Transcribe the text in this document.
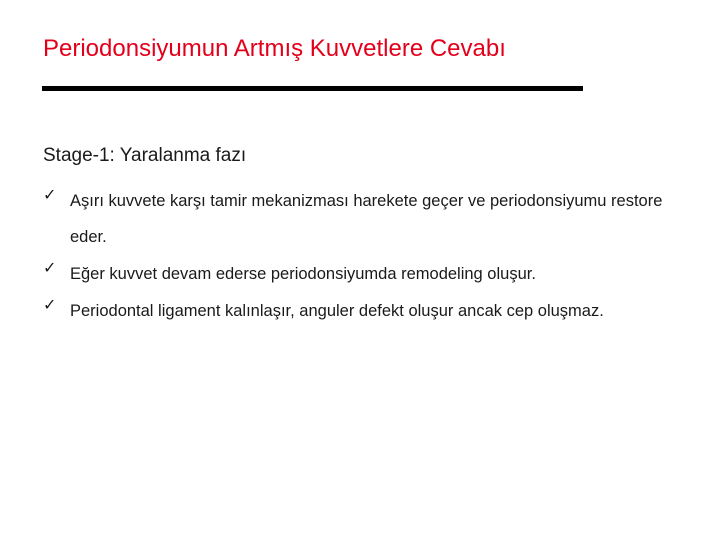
Periodonsiyumun Artmış Kuvvetlere Cevabı
Stage-1: Yaralanma fazı
✓ Aşırı kuvvete karşı tamir mekanizması harekete geçer ve periodonsiyumu restore eder.
✓ Eğer kuvvet devam ederse periodonsiyumda remodeling oluşur.
✓ Periodontal ligament kalınlaşır, anguler defekt oluşur ancak cep oluşmaz.
